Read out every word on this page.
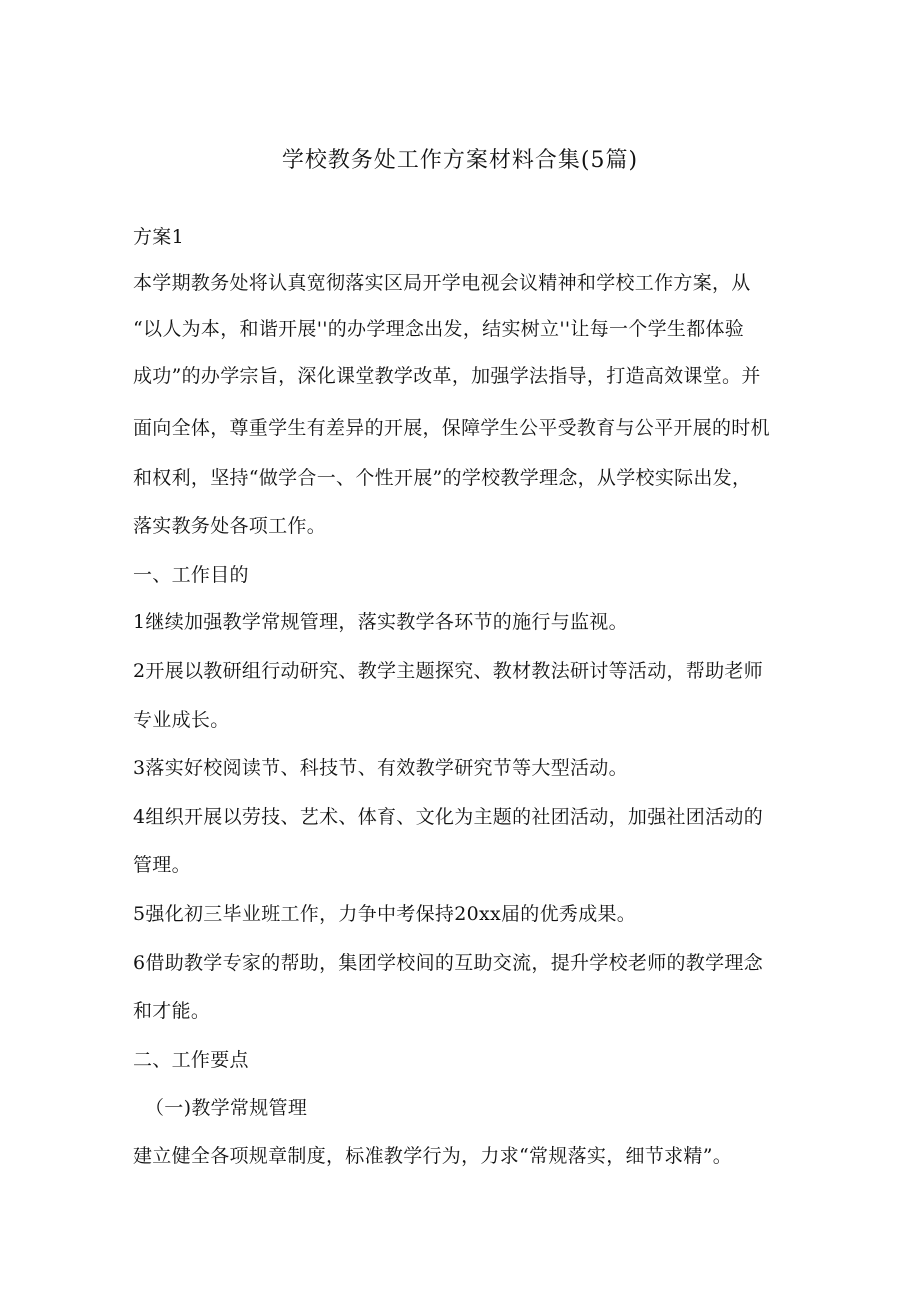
学校教务处工作方案材料合集(5篇)
方案1
本学期教务处将认真宽彻落实区局开学电视会议精神和学校工作方案，从
“以人为本，和谐开展''的办学理念出发，结实树立''让每一个学生都体验
成功”的办学宗旨，深化课堂教学改革，加强学法指导，打造高效课堂。并
面向全体，尊重学生有差异的开展，保障学生公平受教育与公平开展的时机
和权利，坚持“做学合一、个性开展”的学校教学理念，从学校实际出发，
落实教务处各项工作。
一、工作目的
1继续加强教学常规管理，落实教学各环节的施行与监视。
2开展以教研组行动研究、教学主题探究、教材教法研讨等活动，帮助老师
专业成长。
3落实好校阅读节、科技节、有效教学研究节等大型活动。
4组织开展以劳技、艺术、体育、文化为主题的社团活动，加强社团活动的
管理。
5强化初三毕业班工作，力争中考保持20xx届的优秀成果。
6借助教学专家的帮助，集团学校间的互助交流，提升学校老师的教学理念
和才能。
二、工作要点
（一)教学常规管理
建立健全各项规章制度，标准教学行为，力求“常规落实，细节求精”。
